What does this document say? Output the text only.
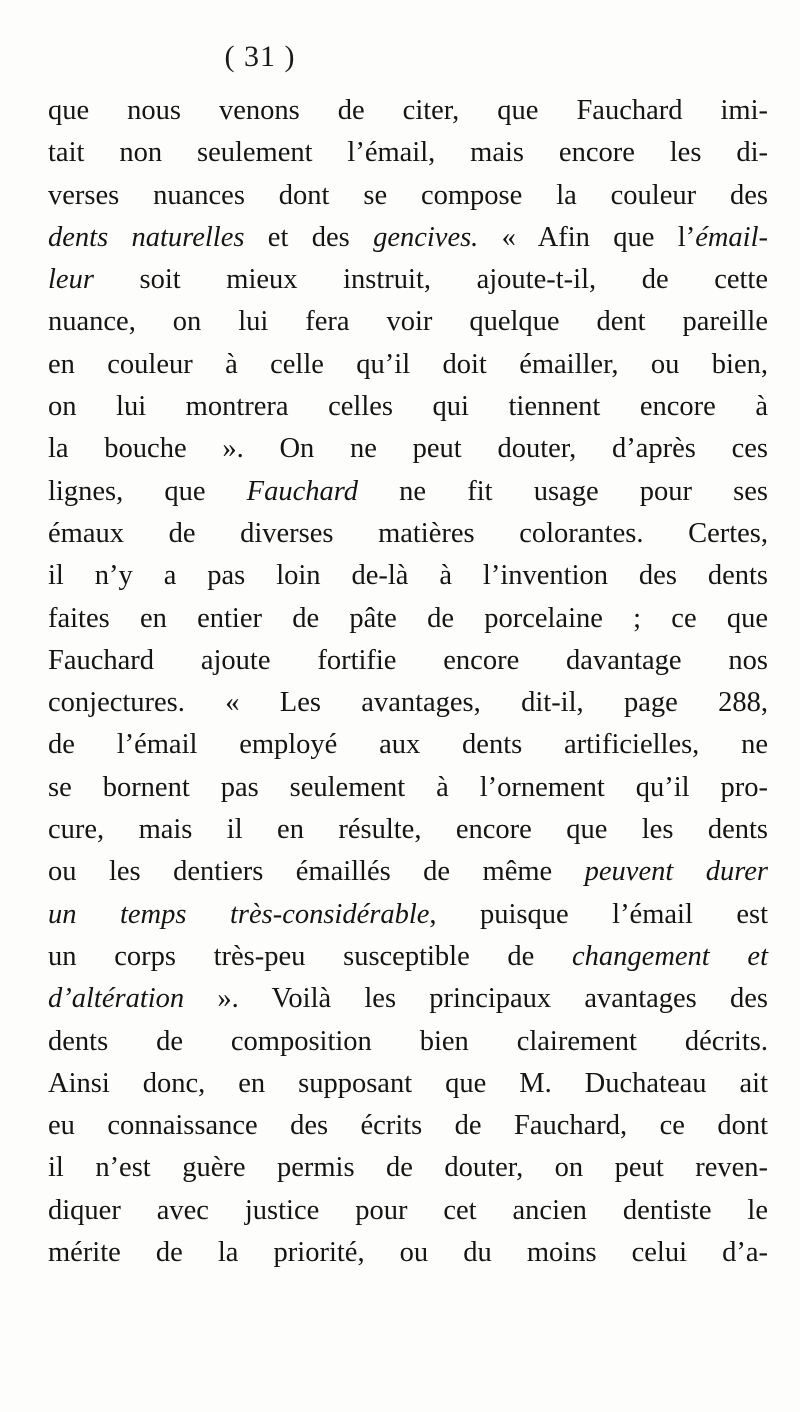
( 31 )
que nous venons de citer, que Fauchard imi-
tait non seulement l’émail, mais encore les di-
verses nuances dont se compose la couleur des
dents naturelles et des gencives. « Afin que l’émail-
leur soit mieux instruit, ajoute-t-il, de cette
nuance, on lui fera voir quelque dent pareille
en couleur à celle qu’il doit émailler, ou bien,
on lui montrera celles qui tiennent encore à
la bouche ». On ne peut douter, d’après ces
lignes, que Fauchard ne fit usage pour ses
émaux de diverses matières colorantes. Certes,
il n’y a pas loin de-là à l’invention des dents
faites en entier de pâte de porcelaine ; ce que
Fauchard ajoute fortifie encore davantage nos
conjectures. « Les avantages, dit-il, page 288,
de l’émail employé aux dents artificielles, ne
se bornent pas seulement à l’ornement qu’il pro-
cure, mais il en résulte, encore que les dents
ou les dentiers émaillés de même peuvent durer
un temps très-considérable, puisque l’émail est
un corps très-peu susceptible de changement et
d’altération ». Voilà les principaux avantages des
dents de composition bien clairement décrits.
Ainsi donc, en supposant que M. Duchateau ait
eu connaissance des écrits de Fauchard, ce dont
il n’est guère permis de douter, on peut reven-
diquer avec justice pour cet ancien dentiste le
mérite de la priorité, ou du moins celui d’a-
